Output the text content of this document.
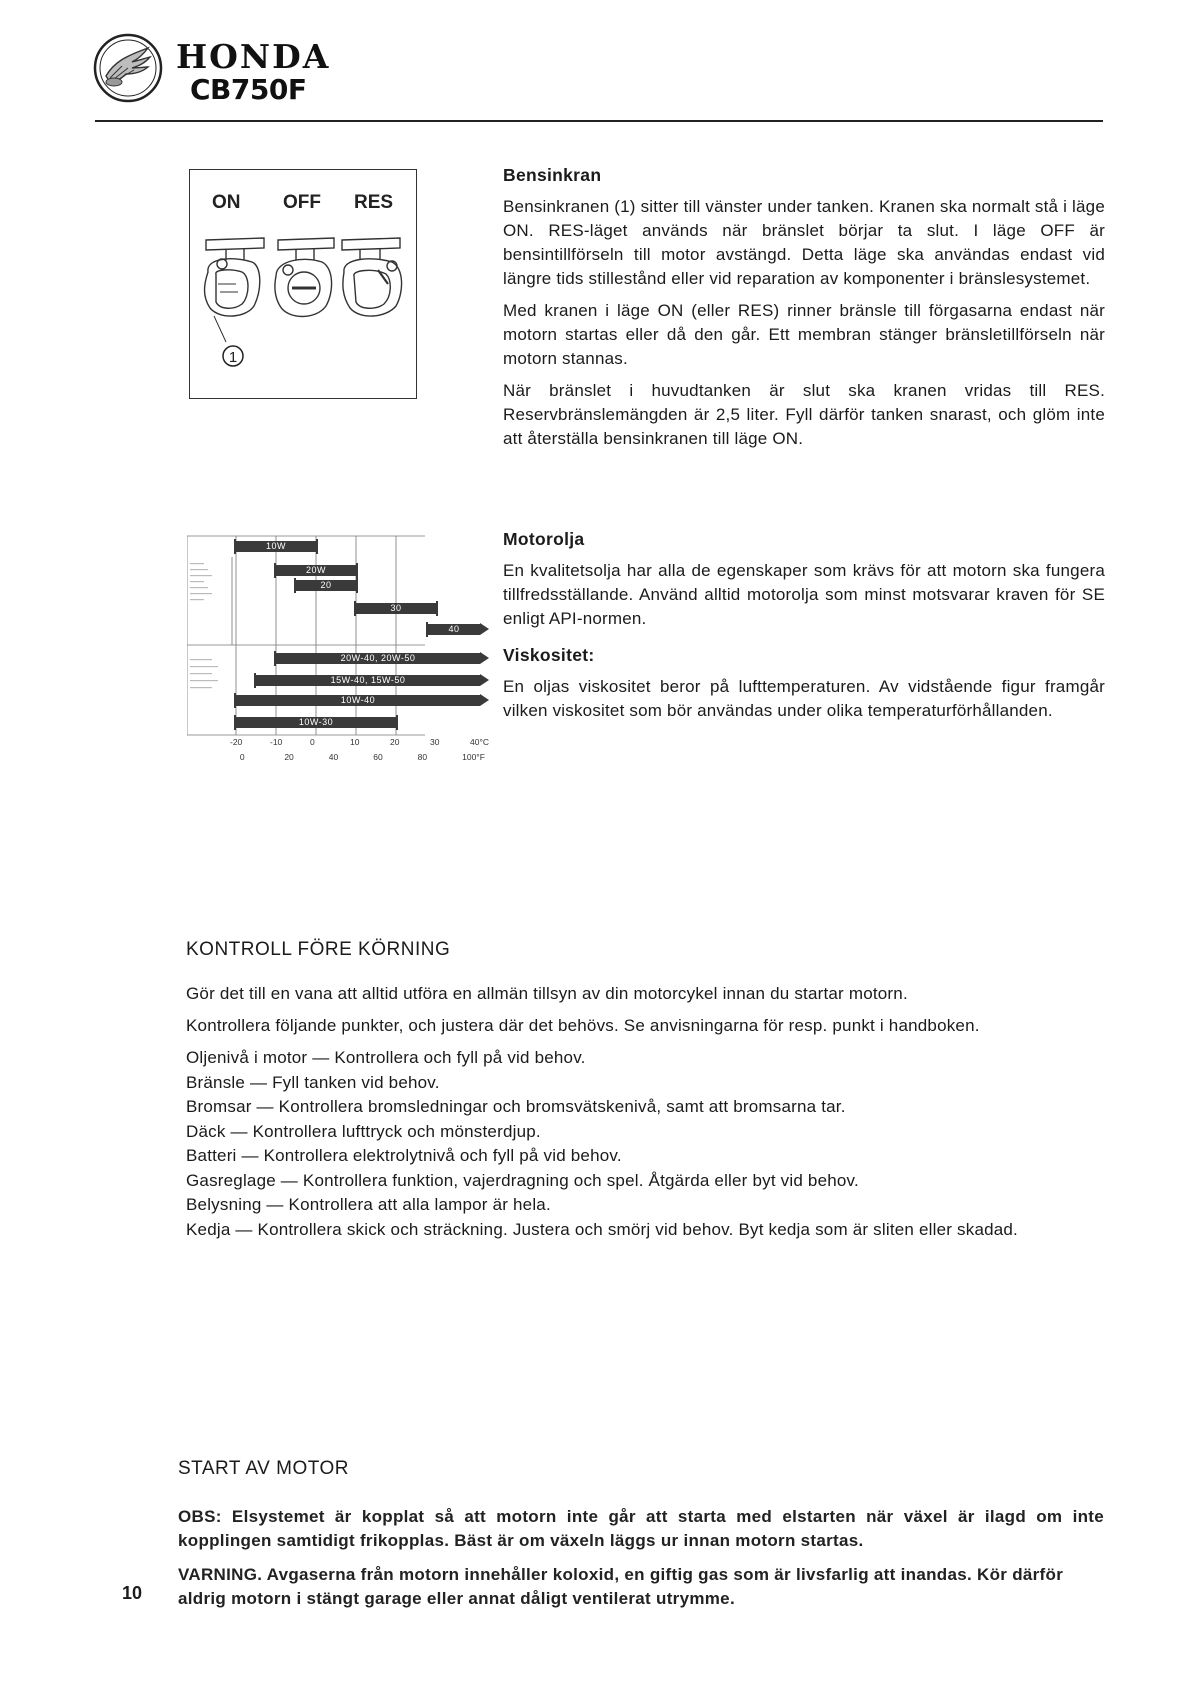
HONDA
CB750F
ON OFF RES
1
Bensinkran

Bensinkranen (1) sitter till vänster under tanken. Kranen ska normalt stå i läge ON. RES-läget används när bränslet börjar ta slut. I läge OFF är bensintillförseln till motor avstängd. Detta läge ska användas endast vid längre tids stillestånd eller vid reparation av komponenter i bränslesystemet.

Med kranen i läge ON (eller RES) rinner bränsle till förgasarna endast när motorn startas eller då den går. Ett membran stänger bränsletillförseln när motorn stannas.

När bränslet i huvudtanken är slut ska kranen vridas till RES. Reservbränslemängden är 2,5 liter. Fyll därför tanken snarast, och glöm inte att återställa bensinkranen till läge ON.

10W
20W
20
30
40
20W-40, 20W-50
15W-40, 15W-50
10W-40
10W-30
-20	-10	0	10	20	30	40°C
0	20	40	60	80	100°F
Motorolja

En kvalitetsolja har alla de egenskaper som krävs för att motorn ska fungera tillfredsställande. Använd alltid motorolja som minst motsvarar kraven för SE enligt API-normen.

Viskositet:

En oljas viskositet beror på lufttemperaturen. Av vidstående figur framgår vilken viskositet som bör användas under olika temperaturförhållanden.

KONTROLL FÖRE KÖRNING

Gör det till en vana att alltid utföra en allmän tillsyn av din motorcykel innan du startar motorn.

Kontrollera följande punkter, och justera där det behövs. Se anvisningarna för resp. punkt i handboken.

Oljenivå i motor — Kontrollera och fyll på vid behov.
Bränsle — Fyll tanken vid behov.
Bromsar — Kontrollera bromsledningar och bromsvätskenivå, samt att bromsarna tar.
Däck — Kontrollera lufttryck och mönsterdjup.
Batteri — Kontrollera elektrolytnivå och fyll på vid behov.
Gasreglage — Kontrollera funktion, vajerdragning och spel. Åtgärda eller byt vid behov.
Belysning — Kontrollera att alla lampor är hela.
Kedja — Kontrollera skick och sträckning. Justera och smörj vid behov. Byt kedja som är sliten eller skadad.
START AV MOTOR

OBS: Elsystemet är kopplat så att motorn inte går att starta med elstarten när växel är ilagd om inte kopplingen samtidigt frikopplas. Bäst är om växeln läggs ur innan motorn startas.

VARNING. Avgaserna från motorn innehåller koloxid, en giftig gas som är livsfarlig att inandas. Kör därför aldrig motorn i stängt garage eller annat dåligt ventilerat utrymme.

10
